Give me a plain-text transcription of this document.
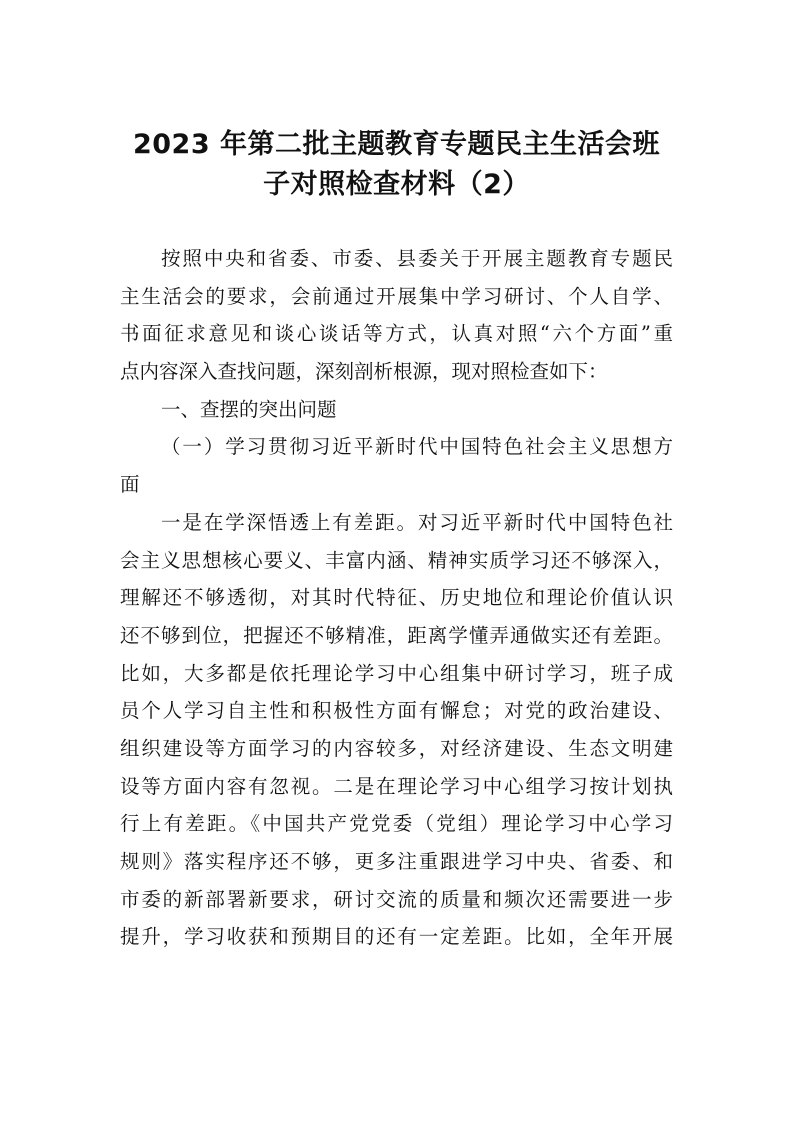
2023 年第二批主题教育专题民主生活会班
子对照检查材料（2）
按照中央和省委、市委、县委关于开展主题教育专题民
主生活会的要求，会前通过开展集中学习研讨、个人自学、
书面征求意见和谈心谈话等方式，认真对照“六个方面”重
点内容深入查找问题，深刻剖析根源，现对照检查如下：
一、查摆的突出问题
（一）学习贯彻习近平新时代中国特色社会主义思想方
面
一是在学深悟透上有差距。对习近平新时代中国特色社
会主义思想核心要义、丰富内涵、精神实质学习还不够深入，
理解还不够透彻，对其时代特征、历史地位和理论价值认识
还不够到位，把握还不够精准，距离学懂弄通做实还有差距。
比如，大多都是依托理论学习中心组集中研讨学习，班子成
员个人学习自主性和积极性方面有懈怠；对党的政治建设、
组织建设等方面学习的内容较多，对经济建设、生态文明建
设等方面内容有忽视。二是在理论学习中心组学习按计划执
行上有差距。《中国共产党党委（党组）理论学习中心学习
规则》落实程序还不够，更多注重跟进学习中央、省委、和
市委的新部署新要求，研讨交流的质量和频次还需要进一步
提升，学习收获和预期目的还有一定差距。比如，全年开展
